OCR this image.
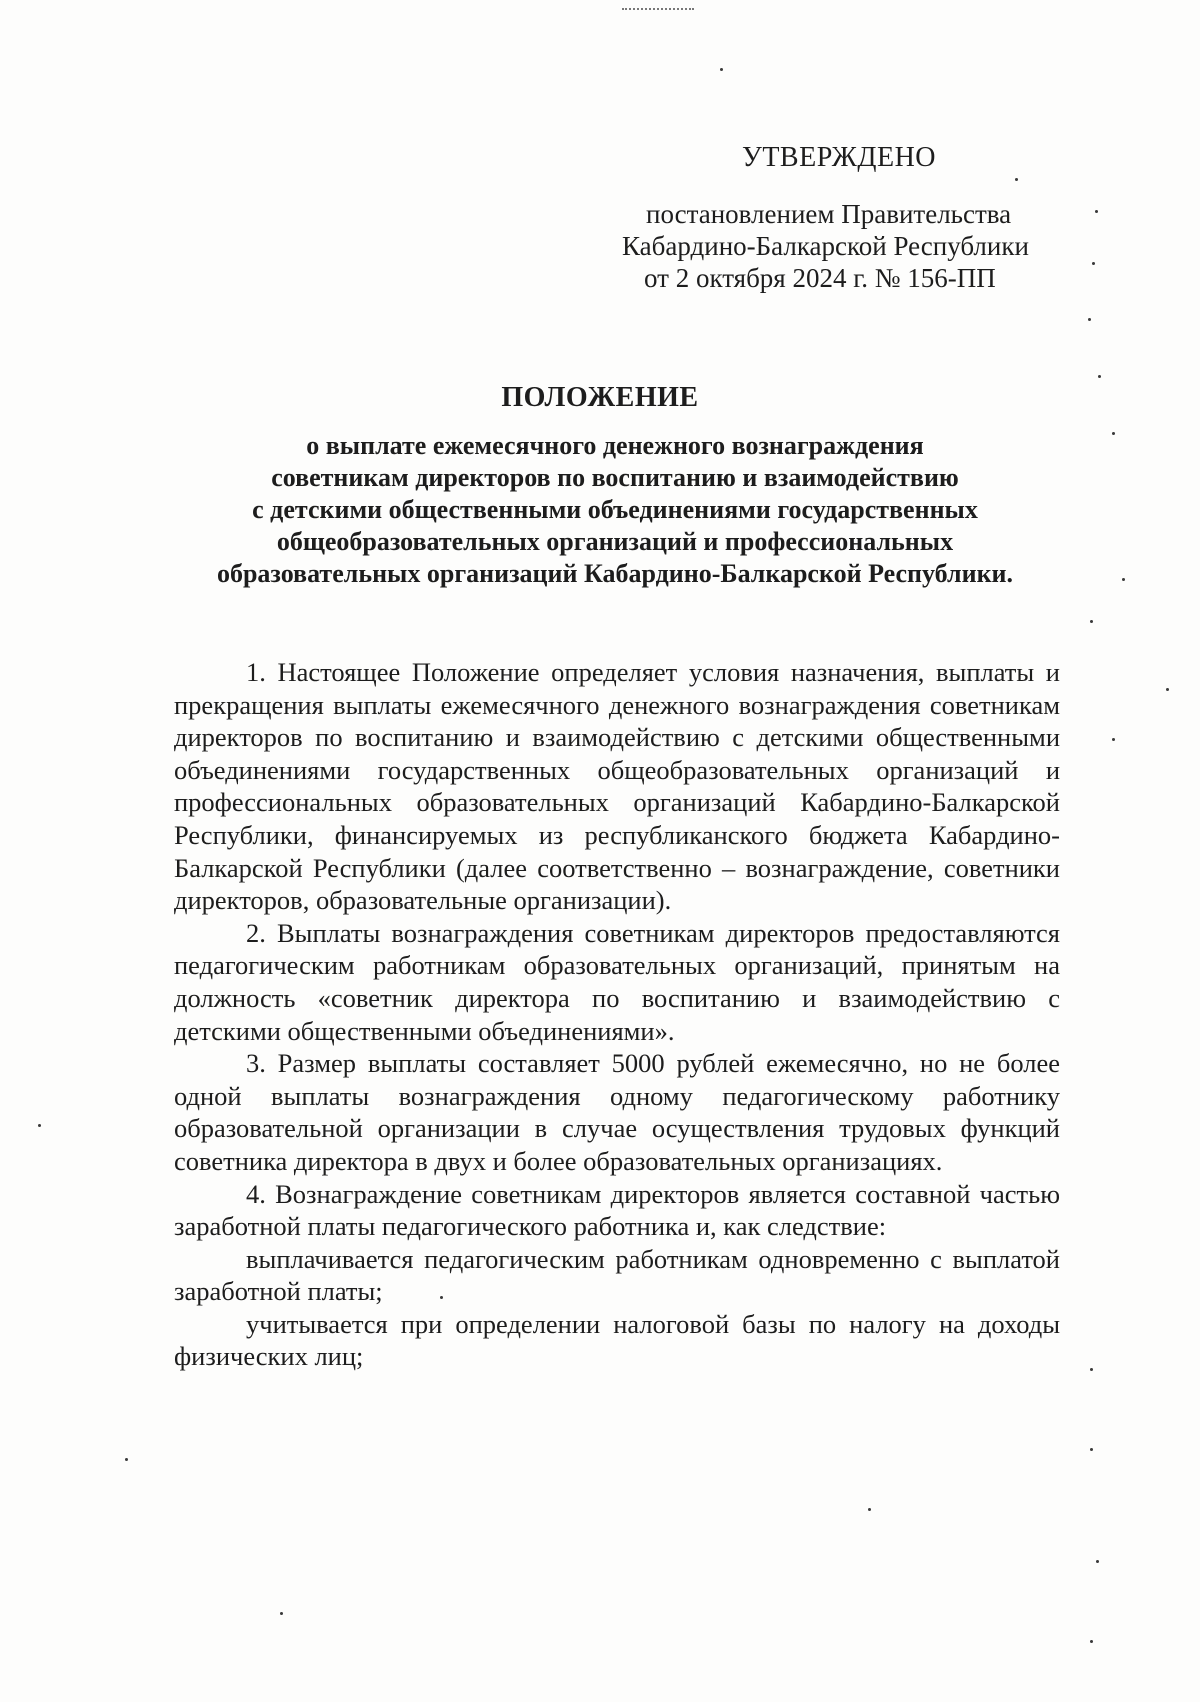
УТВЕРЖДЕНО

постановлением Правительства

Кабардино-Балкарской Республики

от 2 октября 2024 г. № 156-ПП

ПОЛОЖЕНИЕ
о выплате ежемесячного денежного вознаграждения
советникам директоров по воспитанию и взаимодействию
с детскими общественными объединениями государственных
общеобразовательных организаций и профессиональных
образовательных организаций Кабардино-Балкарской Республики.

1. Настоящее Положение определяет условия назначения, выплаты и прекращения выплаты ежемесячного денежного вознаграждения советникам директоров по воспитанию и взаимодействию с детскими общественными объединениями государственных общеобразовательных организаций и профессиональных образовательных организаций Кабардино-Балкарской Республики, финансируемых из республиканского бюджета Кабардино-Балкарской Республики (далее соответственно – вознаграждение, советники директоров, образовательные организации).

2. Выплаты вознаграждения советникам директоров предоставляются педагогическим работникам образовательных организаций, принятым на должность «советник директора по воспитанию и взаимодействию с детскими общественными объединениями».

3. Размер выплаты составляет 5000 рублей ежемесячно, но не более одной выплаты вознаграждения одному педагогическому работнику образовательной организации в случае осуществления трудовых функций советника директора в двух и более образовательных организациях.

4. Вознаграждение советникам директоров является составной частью заработной платы педагогического работника и, как следствие:

выплачивается педагогическим работникам одновременно с выплатой заработной платы;

учитывается при определении налоговой базы по налогу на доходы физических лиц;
